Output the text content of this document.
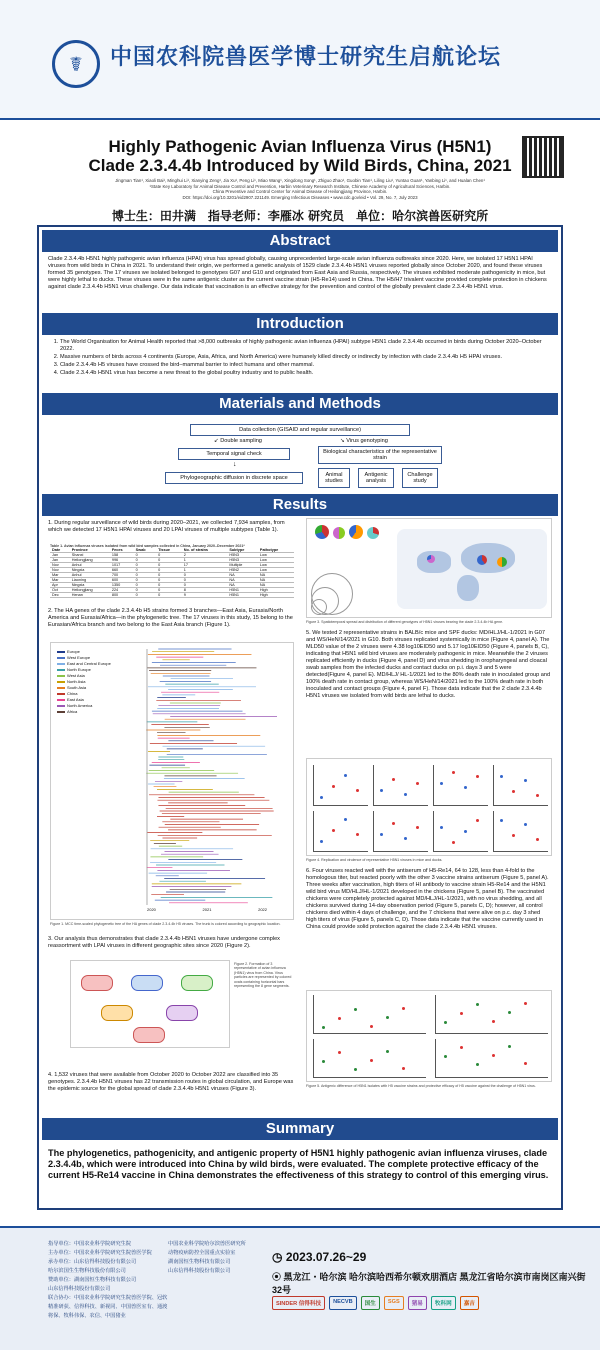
☤	中国农科院兽医学博士研究生启航论坛
Highly Pathogenic Avian Influenza Virus (H5N1)
Clade 2.3.4.4b Introduced by Wild Birds, China, 2021
Jingman Tian¹, Xiaoli Bai¹, Minghui Li¹, Xianying Zeng¹, Jia Xu¹, Peng Li¹, Miao Wang¹, Xingdong Song¹, Zhiguo Zhao¹, Guobin Tian¹, Liling Liu¹, Yuntao Guan¹, Yanbing Li¹, and Hualan Chen¹
¹State Key Laboratory for Animal Disease Control and Prevention, Harbin Veterinary Research Institute, Chinese Academy of Agricultural Sciences, Harbin.
China Preventive and Control Center for Animal Disease of Heilongjiang Province, Harbin.
DOI: https://doi.org/10.3201/eid2907.221149. Emerging Infectious Diseases • www.cdc.gov/eid • Vol. 29, No. 7, July 2023
博士生：田井满　指导老师：李雁冰 研究员　单位：哈尔滨兽医研究所
Abstract
Clade 2.3.4.4b H5N1 highly pathogenic avian influenza (HPAI) virus has spread globally, causing unprecedented large-scale avian influenza outbreaks since 2020. Here, we isolated 17 H5N1 HPAI viruses from wild birds in China in 2021. To understand their origin, we performed a genetic analysis of 1529 clade 2.3.4.4b H5N1 viruses reported globally since October 2020, and found these viruses formed 35 genotypes. The 17 viruses we isolated belonged to genotypes G07 and G10 and originated from East Asia and Russia, respectively. The viruses exhibited moderate pathogenicity in mice, but were highly lethal to ducks. These viruses were in the same antigenic cluster as the current vaccine strain (H5-Re14) used in China. The H5/H7 trivalent vaccine provided complete protection in chickens against clade 2.3.4.4b H5N1 virus challenge. Our data indicate that vaccination is an effective strategy for the prevention and control of the globally prevalent clade 2.3.4.4b H5N1 virus.
Introduction
1. The World Organisation for Animal Health reported that >8,000 outbreaks of highly pathogenic avian influenza (HPAI) subtype H5N1 clade 2.3.4.4b occurred in birds during October 2020–October 2022.
2. Massive numbers of birds across 4 continents (Europe, Asia, Africa, and North America) were humanely killed directly or indirectly by infection with clade 2.3.4.4b H5 HPAI viruses.
3. Clade 2.3.4.4b H5 viruses have crossed the bird–mammal barrier to infect humans and other mammal.
4. Clade 2.3.4.4b H5N1 virus has become a new threat to the global poultry industry and to public health.
Materials and Methods
Data collection (GISAID and regular surveillance)
↙ Double sampling	↘ Virus genotyping
Temporal signal check	Biological characteristics of the representative strain
↓
Phylogeographic diffusion in discrete space	Animal studies
Antigenic analysis
Challenge study
Results
1. During regular surveillance of wild birds during 2020–2021, we collected 7,934 samples, from which we detected 17 H5N1 HPAI viruses and 20 LPAI viruses of multiple subtypes (Table 1).
Table 1. Avian influenza viruses isolated from wild bird samples collected in China, January 2020–December 2021*
Date	Province	Feces	Swab	Tissue	No. of strains	Subtype	Pathotype
Jan	Shanxi	158	0	0	2	H5N3	Low
Jan	Heilongjiang	996	0	0	1	H5N3	Low
Nov	Anhui	1017	0	0	17	Multiple	Low
Nov	Ningxia	660	0	0	1	H5N2	Low
Mar	Anhui	700	0	0	0	NA	NA
Mar	Liaoning	600	0	0	0	NA	NA
Apr	Ningxia	1350	0	0	0	NA	NA
Oct	Heilongjiang	224	0	0	8	H5N1	High
Dec	Henan	800	0	0	9	H5N1	High
2. The HA genes of the clade 2.3.4.4b H5 strains formed 3 branches—East Asia, Eurasia/North America and Eurasia/Africa—in the phylogenetic tree. The 17 viruses in this study, 15 belong to the Eurasian/Africa branch and two belong to the East Asia branch (Figure 1).
Europe
West Europe
East and Central Europe
North Europe
West Asia
North Asia
South Asia
China
East Asia
North America
Africa
2020	2021	2022
Figure 1. MCC time-scaled phylogenetic tree of the HA genes of clade 2.3.4.4b H5 viruses. The trunk is colored according to geographic location.
3. Our analysis thus demonstrates that clade 2.3.4.4b H5N1 viruses have undergone complex reassortment with LPAI viruses in different geographic sites since 2020 (Figure 2).
Figure 2. Formation of 3 representative of avian influenza (H5N1) virus from China. Virus particles are represented by colored ovals containing horizontal bars representing the 8 gene segments.
4. 1,532 viruses that were available from October 2020 to October 2022 are classified into 35 genotypes. 2.3.4.4b H5N1 viruses has 22 transmission routes in global circulation, and Europe was the epidemic source for the global spread of clade 2.3.4.4b H5N1 viruses (Figure 3).
Figure 3. Spatiotemporal spread and distribution of different genotypes of H5N1 viruses bearing the clade 2.3.4.4b HA gene.
5. We tested 2 representative strains in BALB/c mice and SPF ducks: MD/HLJ/HL-1/2021 in G07 and WS/HeN/14/2021 in G10. Both viruses replicated systemically in mice (Figure 4, panel A). The MLD50 value of the 2 viruses were 4.38 log10EID50 and 5.17 log10EID50 (Figure 4, panels B, C), indicating that H5N1 wild bird viruses are moderately pathogenic in mice. Meanwhile the 2 viruses replicated efficiently in ducks (Figure 4, panel D) and virus shedding in oropharyngeal and cloacal swab samples from the infected ducks and contact ducks on p.i. days 3 and 5 were detected(Figure 4, panel E). MD/HLJ/ HL-1/2021 led to the 80% death rate in inoculated group and 100% death rate in contact group, whereas WS/HeN/14/2021 led to the 100% death rate in both inoculated and contact groups (Figure 4, panel F). Those data indicate that the 2 clade 2.3.4.4b H5N1 viruses we isolated from wild birds are lethal to ducks.
Figure 4. Replication and virulence of representative H5N1 viruses in mice and ducks.
6. Four viruses reacted well with the antiserum of H5-Re14, 64 to 128, less than 4-fold to the homologous titer, but reacted poorly with the other 3 vaccine strains antiserum (Figure 5, panel A). Three weeks after vaccination, high titers of HI antibody to vaccine strain H5-Re14 and the H5N1 wild bird virus MD/HLJ/HL-1/2021 developed in the chickens (Figure 5, panel B). The vaccinated chickens were completely protected against MD/HLJ/HL-1/2021, with no virus shedding, and all chickens survived during 14-day observation period (Figure 5, panels C, D); however, all control chickens died within 4 days of challenge, and the 7 chickens that were alive on p.c. day 3 shed high titers of virus (Figure 5, panels C, D). Those data indicate that the vaccine currently used in China could provide solid protection against the clade 2.3.4.4b H5N1 viruses.
Figure 5. Antigenic difference of H5N1 isolates with H5 vaccine strains and protective efficacy of H5 vaccine against the challenge of H5N1 virus.
Summary
The phylogenetics, pathogenicity, and antigenic property of H5N1 highly pathogenic avian influenza viruses, clade 2.3.4.4b, which were introduced into China by wild birds, were evaluated. The complete protective efficacy of the current H5-Re14 vaccine in China demonstrates the effectiveness of this strategy to control of this emerging virus.
指导单位：中国农业科学院研究生院
主办单位：中国农业科学院研究生院兽医学院
承办单位：山东信得科技股份有限公司
哈尔滨国生生物科技股份有限公司
赞助单位：湖南国恒生物科技有限公司
山东信得科技股份有限公司
联合协办：中国农业科学院研究生院兽医学院、冠软精准研获、信得科技、新视同、中国兽医室有、通渡将保、牧科伟保、农信、中国猪业
中国农业科学院哈尔滨兽医研究所
动物疫病防控全国重点实验室
湖南国恒生物科技有限公司
山东信得科技股份有限公司
◷ 2023.07.26~29
⦿ 黑龙江・哈尔滨 哈尔滨哈西希尔顿欢朋酒店 黑龙江省哈尔滨市南岗区南兴街32号
SINDER 信得科技	NECVB	国生	SGS	猪易	牧科网	嘉吉
